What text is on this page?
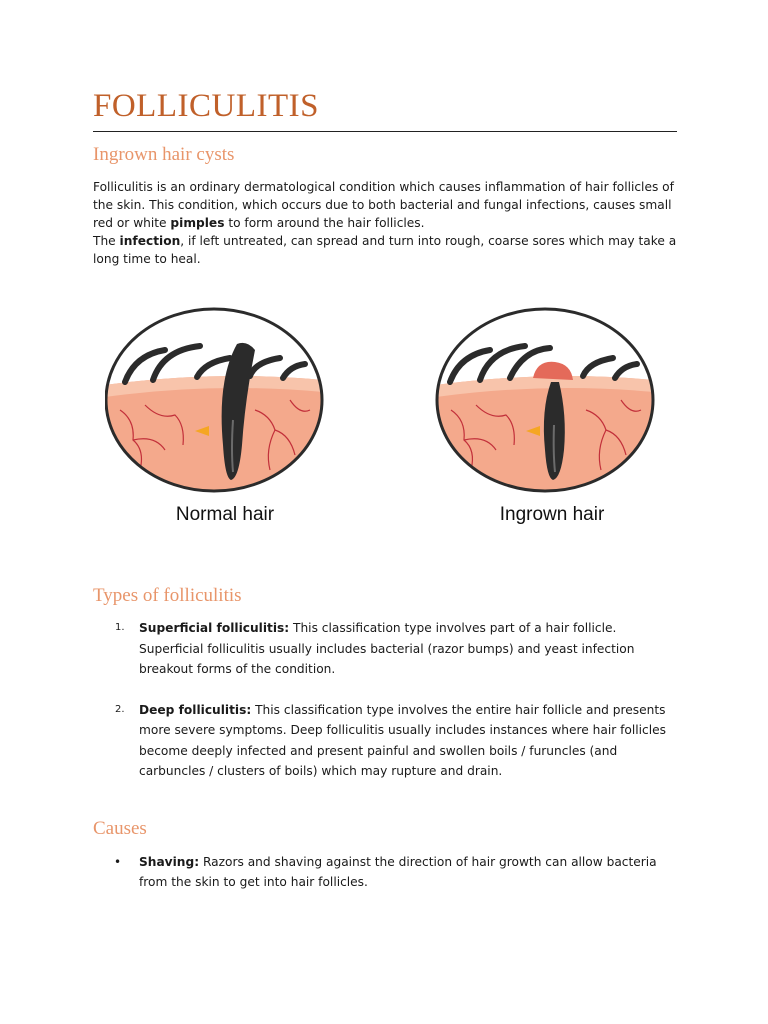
FOLLICULITIS
Ingrown hair cysts

Folliculitis is an ordinary dermatological condition which causes inflammation of hair follicles of the skin. This condition, which occurs due to both bacterial and fungal infections, causes small red or white pimples to form around the hair follicles.

The infection, if left untreated, can spread and turn into rough, coarse sores which may take a long time to heal.

Normal hair	Ingrown hair
Types of folliculitis
1. Superficial folliculitis: This classification type involves part of a hair follicle. Superficial folliculitis usually includes bacterial (razor bumps) and yeast infection breakout forms of the condition.
2. Deep folliculitis: This classification type involves the entire hair follicle and presents more severe symptoms. Deep folliculitis usually includes instances where hair follicles become deeply infected and present painful and swollen boils / furuncles (and carbuncles / clusters of boils) which may rupture and drain.
Causes
• Shaving: Razors and shaving against the direction of hair growth can allow bacteria from the skin to get into hair follicles.
